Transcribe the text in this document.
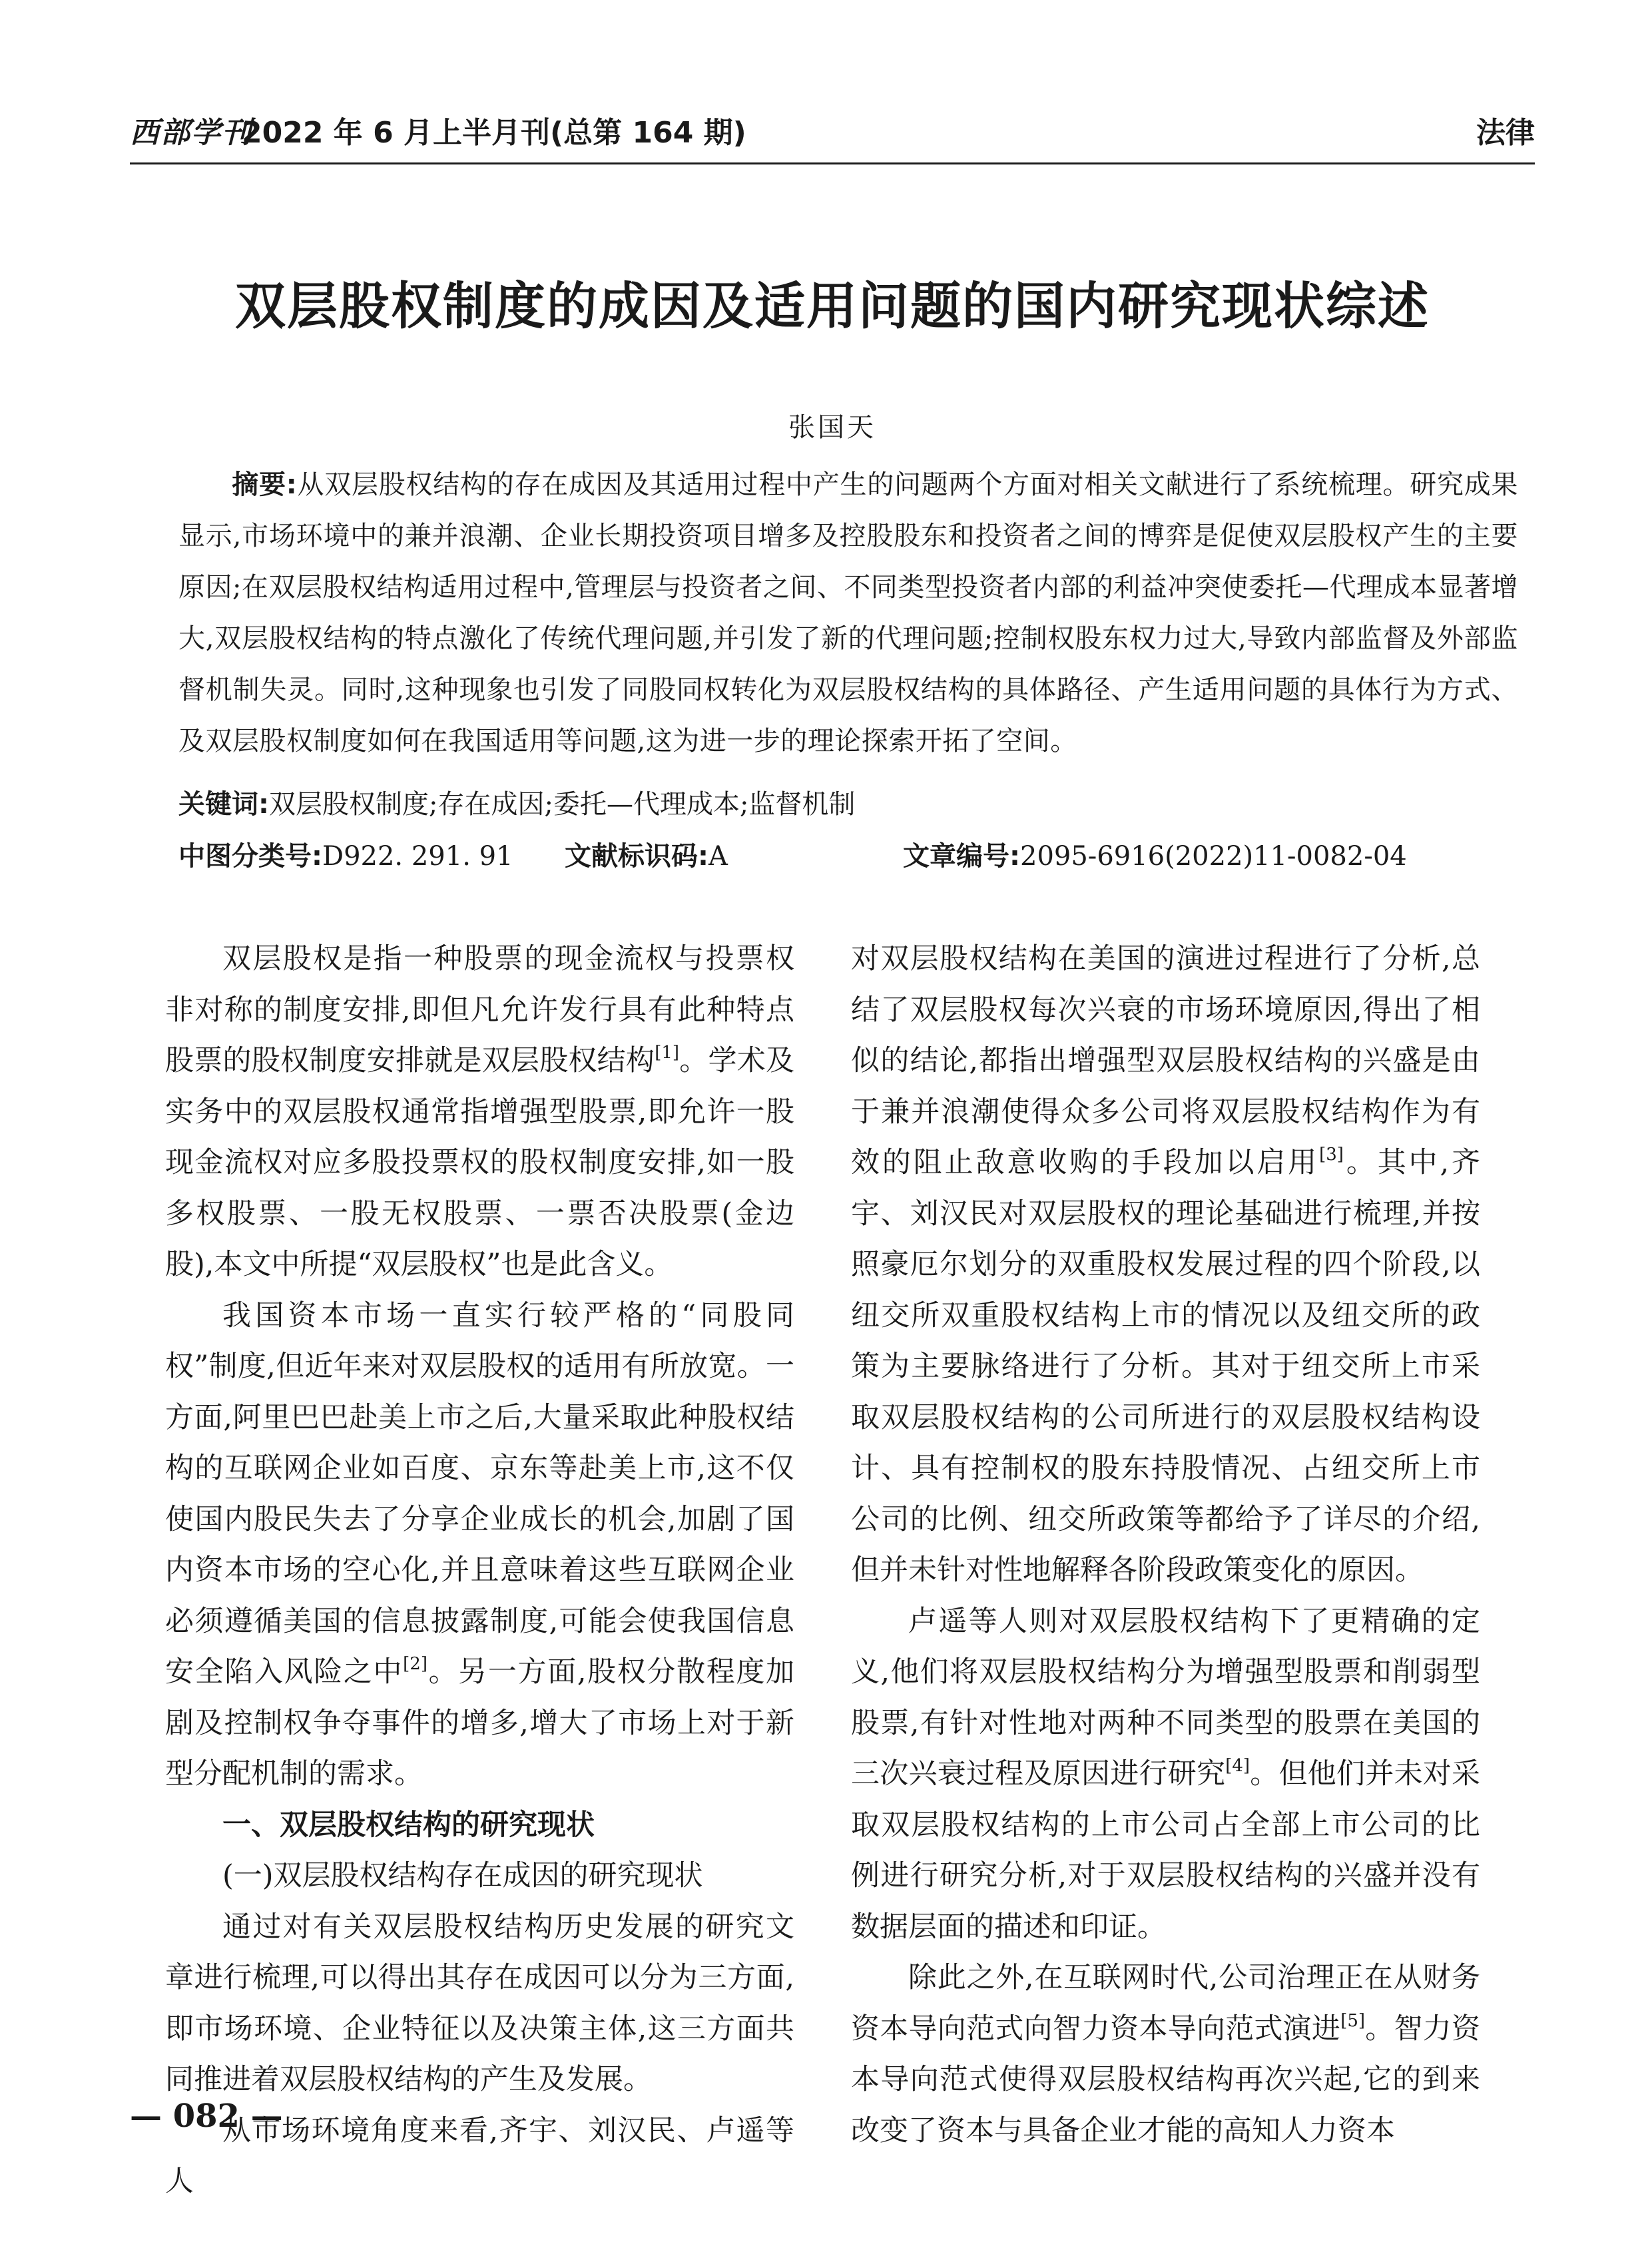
西部学刊
2022 年 6 月上半月刊(总第 164 期)	法律
双层股权制度的成因及适用问题的国内研究现状综述
张国天
摘要:从双层股权结构的存在成因及其适用过程中产生的问题两个方面对相关文献进行了系统梳理。研究成果显示,市场环境中的兼并浪潮、企业长期投资项目增多及控股股东和投资者之间的博弈是促使双层股权产生的主要原因;在双层股权结构适用过程中,管理层与投资者之间、不同类型投资者内部的利益冲突使委托—代理成本显著增大,双层股权结构的特点激化了传统代理问题,并引发了新的代理问题;控制权股东权力过大,导致内部监督及外部监督机制失灵。同时,这种现象也引发了同股同权转化为双层股权结构的具体路径、产生适用问题的具体行为方式、及双层股权制度如何在我国适用等问题,这为进一步的理论探索开拓了空间。
关键词:双层股权制度;存在成因;委托—代理成本;监督机制
中图分类号:D922. 291. 91 文献标识码:A	文章编号:2095-6916(2022)11-0082-04

双层股权是指一种股票的现金流权与投票权非对称的制度安排,即但凡允许发行具有此种特点股票的股权制度安排就是双层股权结构[1]。学术及实务中的双层股权通常指增强型股票,即允许一股现金流权对应多股投票权的股权制度安排,如一股多权股票、一股无权股票、一票否决股票(金边股),本文中所提“双层股权”也是此含义。

我国资本市场一直实行较严格的“同股同权”制度,但近年来对双层股权的适用有所放宽。一方面,阿里巴巴赴美上市之后,大量采取此种股权结构的互联网企业如百度、京东等赴美上市,这不仅使国内股民失去了分享企业成长的机会,加剧了国内资本市场的空心化,并且意味着这些互联网企业必须遵循美国的信息披露制度,可能会使我国信息安全陷入风险之中[2]。另一方面,股权分散程度加剧及控制权争夺事件的增多,增大了市场上对于新型分配机制的需求。

一、双层股权结构的研究现状
(一)双层股权结构存在成因的研究现状

通过对有关双层股权结构历史发展的研究文章进行梳理,可以得出其存在成因可以分为三方面,即市场环境、企业特征以及决策主体,这三方面共同推进着双层股权结构的产生及发展。

从市场环境角度来看,齐宇、刘汉民、卢遥等人

对双层股权结构在美国的演进过程进行了分析,总结了双层股权每次兴衰的市场环境原因,得出了相似的结论,都指出增强型双层股权结构的兴盛是由于兼并浪潮使得众多公司将双层股权结构作为有效的阻止敌意收购的手段加以启用[3]。其中,齐宇、刘汉民对双层股权的理论基础进行梳理,并按照豪厄尔划分的双重股权发展过程的四个阶段,以纽交所双重股权结构上市的情况以及纽交所的政策为主要脉络进行了分析。其对于纽交所上市采取双层股权结构的公司所进行的双层股权结构设计、具有控制权的股东持股情况、占纽交所上市公司的比例、纽交所政策等都给予了详尽的介绍,但并未针对性地解释各阶段政策变化的原因。

卢遥等人则对双层股权结构下了更精确的定义,他们将双层股权结构分为增强型股票和削弱型股票,有针对性地对两种不同类型的股票在美国的三次兴衰过程及原因进行研究[4]。但他们并未对采取双层股权结构的上市公司占全部上市公司的比例进行研究分析,对于双层股权结构的兴盛并没有数据层面的描述和印证。

除此之外,在互联网时代,公司治理正在从财务资本导向范式向智力资本导向范式演进[5]。智力资本导向范式使得双层股权结构再次兴起,它的到来改变了资本与具备企业才能的高知人力资本

— 082 —
